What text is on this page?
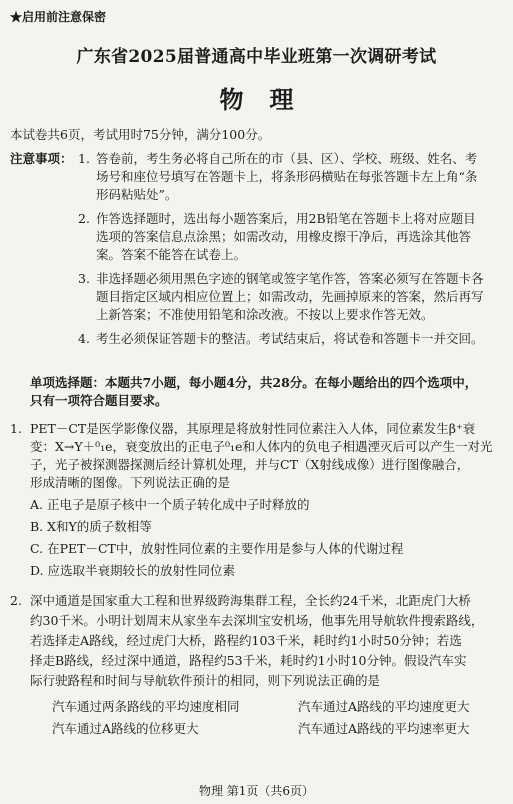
★启用前注意保密
广东省2025届普通高中毕业班第一次调研考试
物理
本试卷共6页，考试用时75分钟，满分100分。
注意事项： 1. 答卷前，考生务必将自己所在的市（县、区）、学校、班级、姓名、考
场号和座位号填写在答题卡上，将条形码横贴在每张答题卡左上角“条
形码粘贴处”。
2. 作答选择题时，选出每小题答案后，用2B铅笔在答题卡上将对应题目
选项的答案信息点涂黑；如需改动，用橡皮擦干净后，再选涂其他答
案。答案不能答在试卷上。
3. 非选择题必须用黑色字迹的钢笔或签字笔作答，答案必须写在答题卡各
题目指定区域内相应位置上；如需改动，先画掉原来的答案，然后再写
上新答案；不准使用铅笔和涂改液。不按以上要求作答无效。
4. 考生必须保证答题卡的整洁。考试结束后，将试卷和答题卡一并交回。
单项选择题：本题共7小题，每小题4分，共28分。在每小题给出的四个选项中，
只有一项符合题目要求。
1. PET－CT是医学影像仪器，其原理是将放射性同位素注入人体，同位素发生β⁺衰
变：X→Y＋⁰₁e，衰变放出的正电子⁰₁e和人体内的负电子相遇湮灭后可以产生一对光
子，光子被探测器探测后经计算机处理，并与CT（X射线成像）进行图像融合，
形成清晰的图像。下列说法正确的是
A. 正电子是原子核中一个质子转化成中子时释放的
B. X和Y的质子数相等
C. 在PET－CT中，放射性同位素的主要作用是参与人体的代谢过程
D. 应选取半衰期较长的放射性同位素
2. 深中通道是国家重大工程和世界级跨海集群工程，全长约24千米，北距虎门大桥
约30千米。小明计划周末从家坐车去深圳宝安机场，他事先用导航软件搜索路线，
若选择走A路线，经过虎门大桥，路程约103千米，耗时约1小时50分钟；若选
择走B路线，经过深中通道，路程约53千米，耗时约1小时10分钟。假设汽车实
际行驶路程和时间与导航软件预计的相同，则下列说法正确的是
汽车通过两条路线的平均速度相同	汽车通过A路线的平均速度更大
汽车通过A路线的位移更大	汽车通过A路线的平均速率更大
物理 第1页（共6页）
